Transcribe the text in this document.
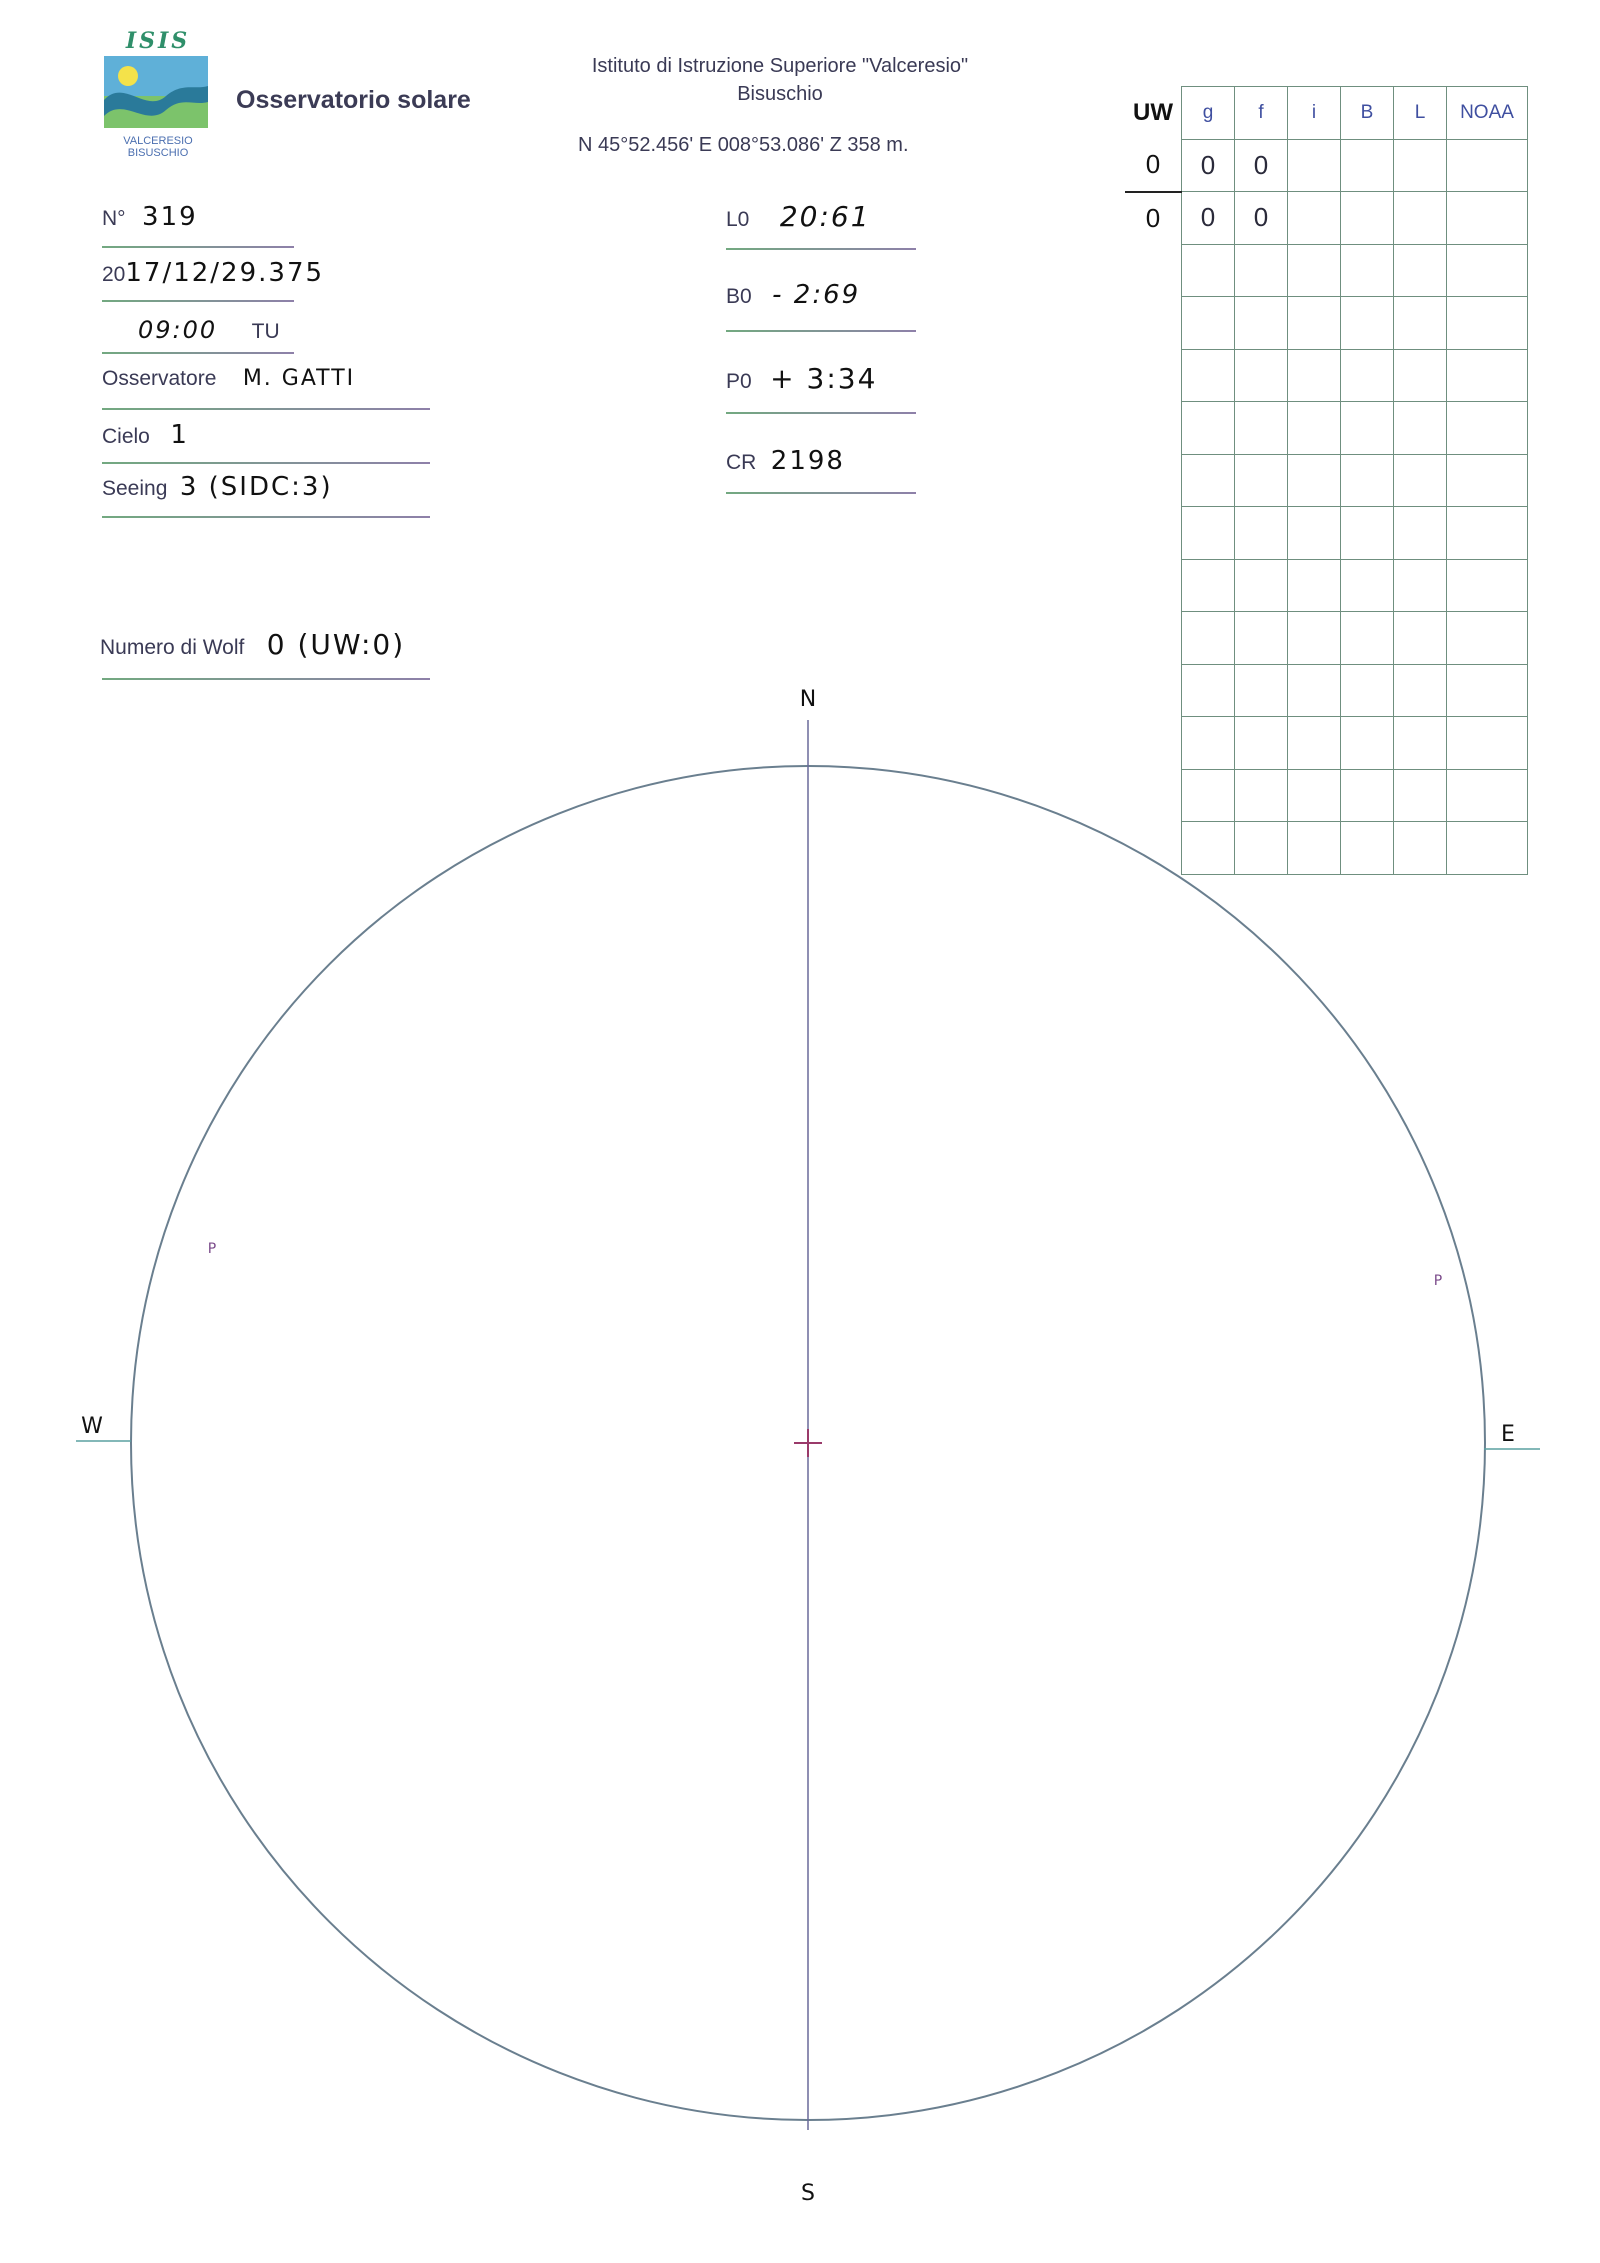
ISIS
VALCERESIO BISUSCHIO
Osservatorio solare
Istituto di Istruzione Superiore "Valceresio"
Bisuschio
N 45°52.456' E 008°53.086' Z 358 m.
N° 319
2017/12/29.375
09:00 TU
Osservatore M. GATTI
Cielo 1
Seeing 3 (SIDC:3)
Numero di Wolf 0 (UW:0)
L0 20:61
B0 - 2:69
P0 + 3:34
CR 2198
UW	g	f	i	B	L	NOAA
0	0	0				
0	0	0				

N
S
W	E
P
P
